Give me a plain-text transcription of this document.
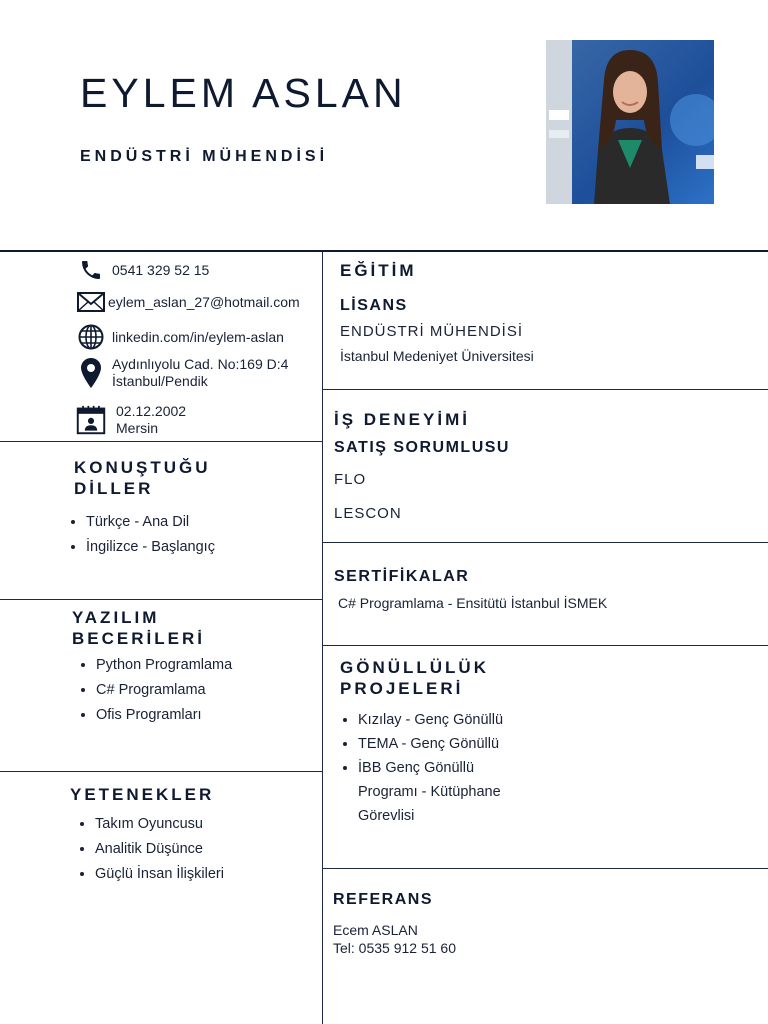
EYLEM ASLAN
ENDÜSTRİ MÜHENDİSİ
0541 329 52 15
eylem_aslan_27@hotmail.com
linkedin.com/in/eylem-aslan
Aydınlıyolu Cad. No:169 D:4
İstanbul/Pendik
02.12.2002
Mersin
KONUŞTUĞU
DİLLER
• Türkçe - Ana Dil
• İngilizce - Başlangıç
YAZILIM
BECERİLERİ
• Python Programlama
• C# Programlama
• Ofis Programları
YETENEKLER
• Takım Oyuncusu
• Analitik Düşünce
• Güçlü İnsan İlişkileri
EĞİTİM
LİSANS
ENDÜSTRİ MÜHENDİSİ
İstanbul Medeniyet Üniversitesi
İŞ DENEYİMİ
SATIŞ SORUMLUSU
FLO
LESCON
SERTİFİKALAR
C# Programlama - Ensitütü İstanbul İSMEK
GÖNÜLLÜLÜK
PROJELERİ
• Kızılay - Genç Gönüllü
• TEMA - Genç Gönüllü
• İBB Genç Gönüllü Programı - Kütüphane Görevlisi
REFERANS
Ecem ASLAN
Tel: 0535 912 51 60
